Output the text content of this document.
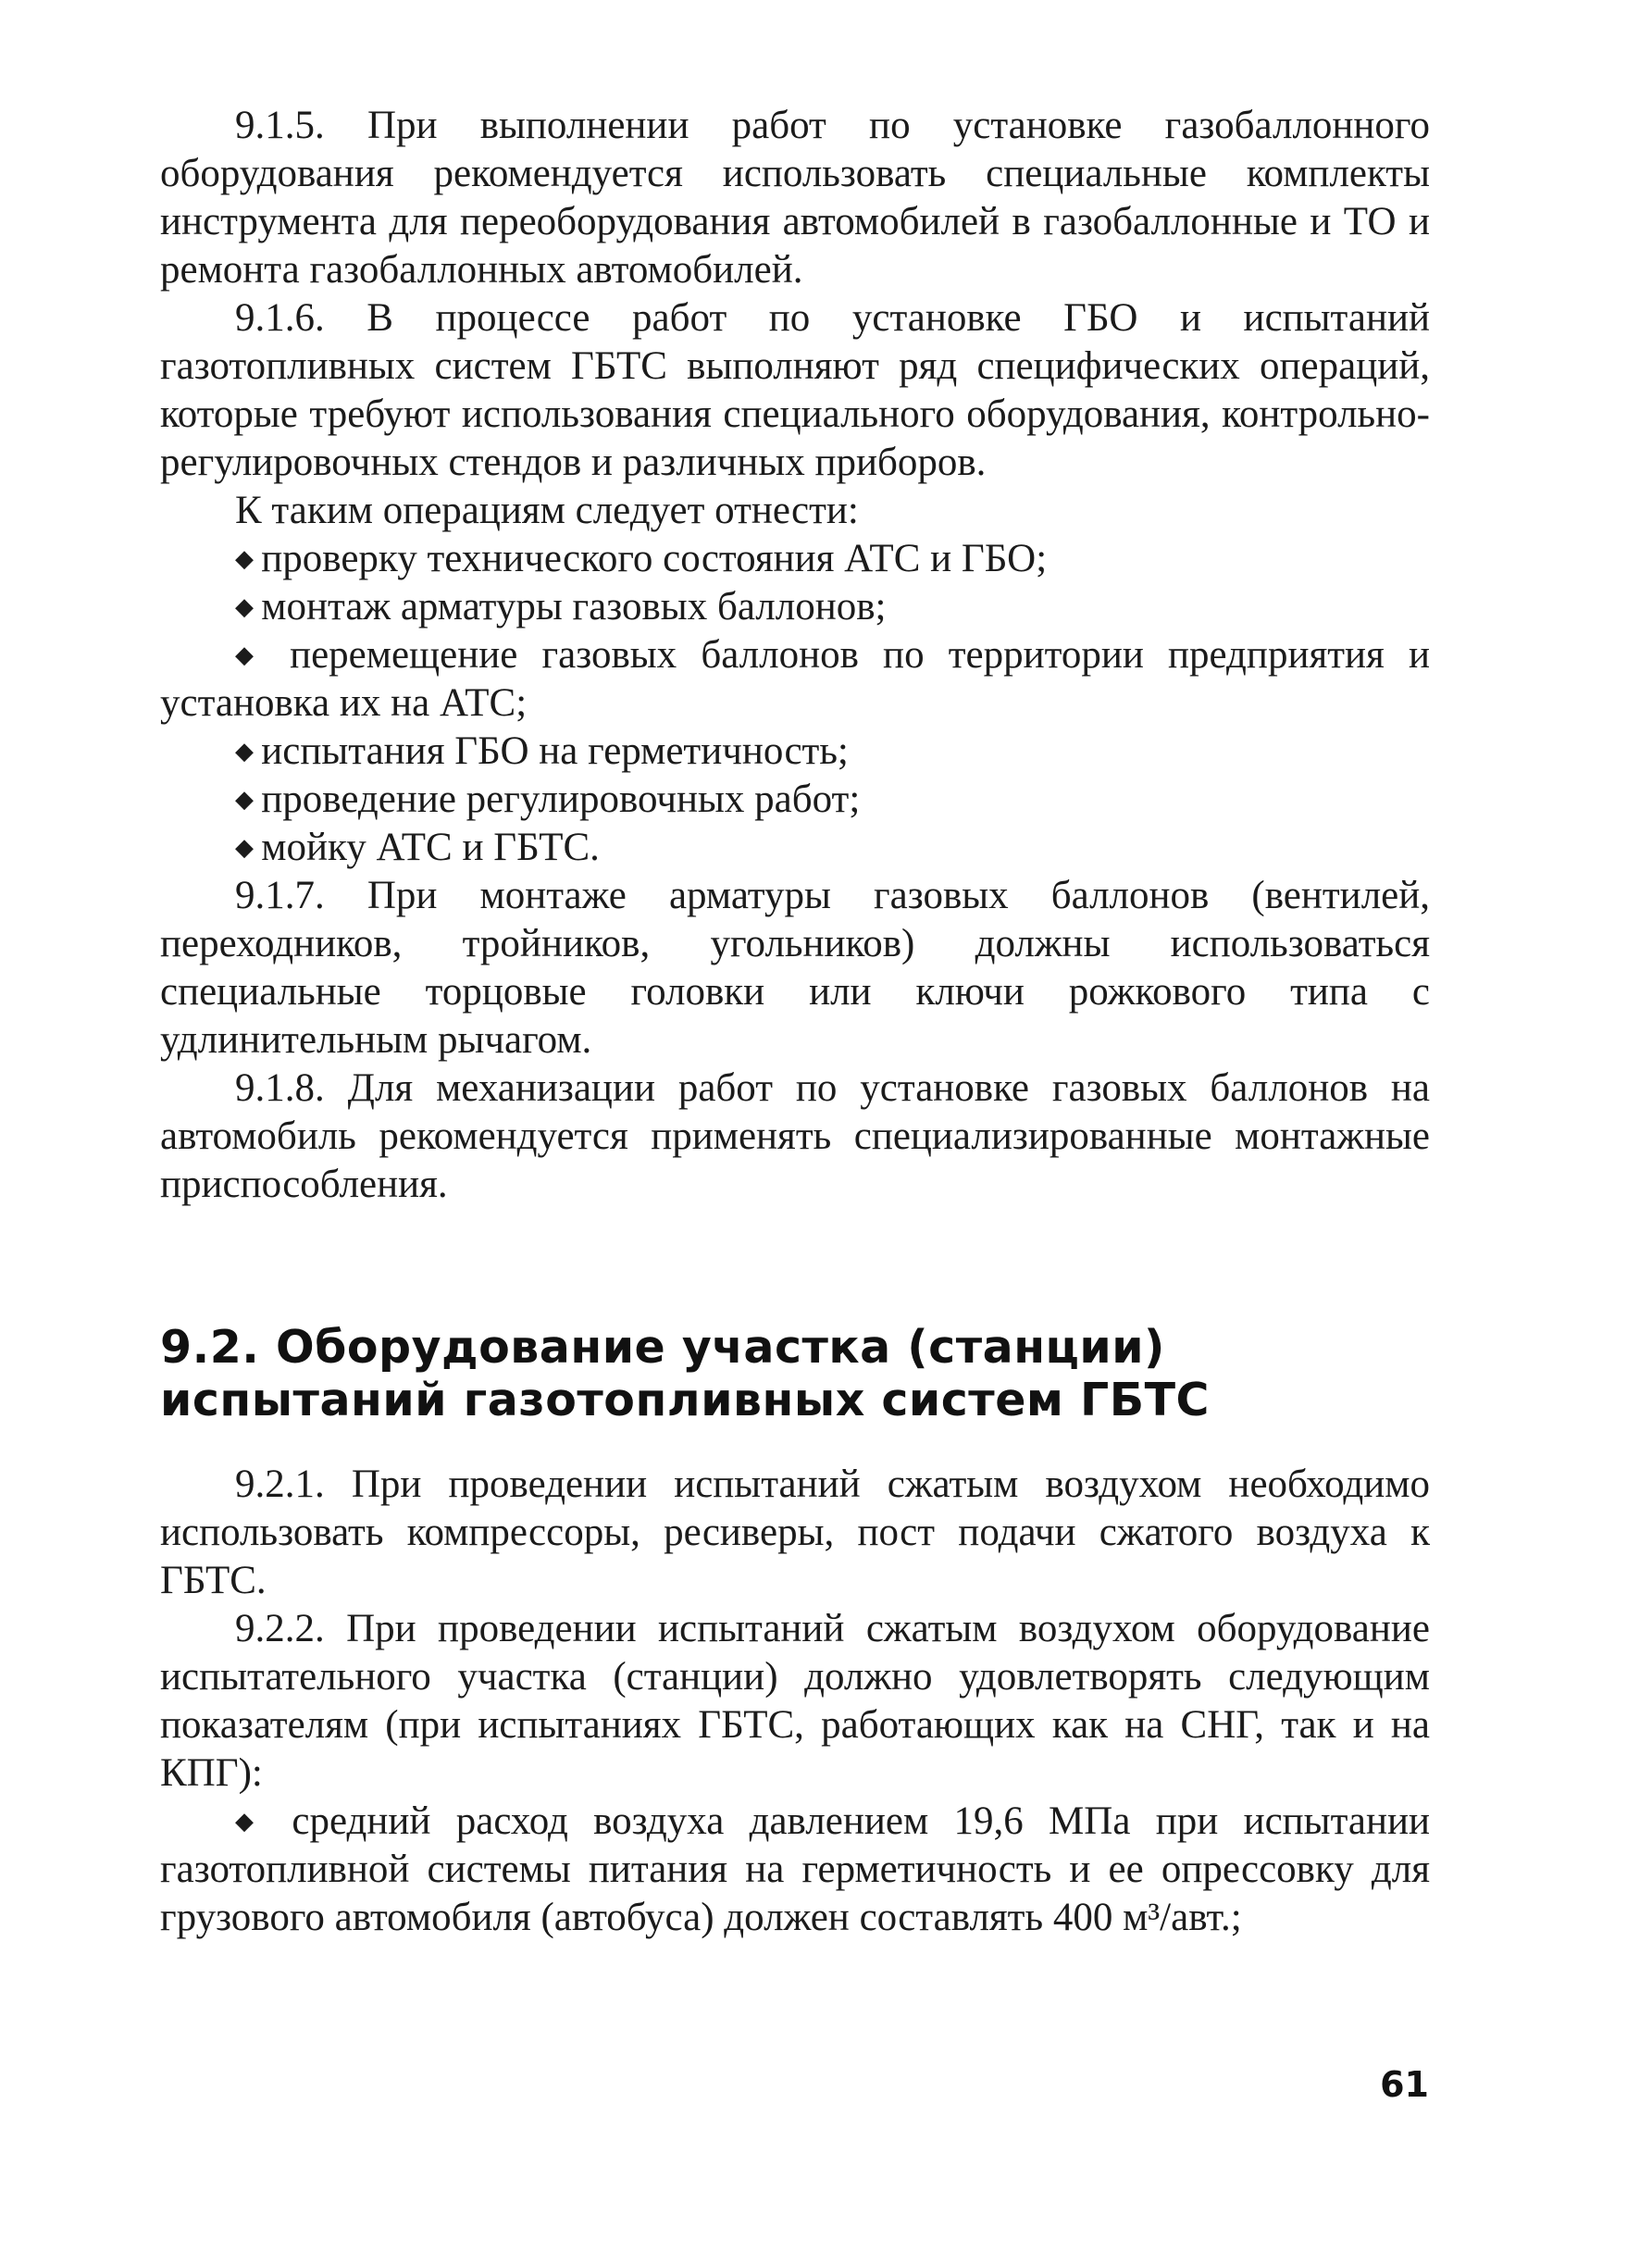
9.1.5. При выполнении работ по установке газобаллонного оборудования рекомендуется использовать специальные комплекты инструмента для переоборудования автомобилей в газобаллонные и ТО и ремонта газобаллонных автомобилей.

9.1.6. В процессе работ по установке ГБО и испытаний газотопливных систем ГБТС выполняют ряд специфических операций, которые требуют использования специального оборудования, контрольно-регулировочных стендов и различных приборов.

К таким операциям следует отнести:

◆ проверку технического состояния АТС и ГБО;

◆ монтаж арматуры газовых баллонов;

◆ перемещение газовых баллонов по территории предприятия и установка их на АТС;

◆ испытания ГБО на герметичность;

◆ проведение регулировочных работ;

◆ мойку АТС и ГБТС.

9.1.7. При монтаже арматуры газовых баллонов (вентилей, переходников, тройников, угольников) должны использоваться специальные торцовые головки или ключи рожкового типа с удлинительным рычагом.

9.1.8. Для механизации работ по установке газовых баллонов на автомобиль рекомендуется применять специализированные монтажные приспособления.

9.2. Оборудование участка (станции)
испытаний газотопливных систем ГБТС

9.2.1. При проведении испытаний сжатым воздухом необходимо использовать компрессоры, ресиверы, пост подачи сжатого воздуха к ГБТС.

9.2.2. При проведении испытаний сжатым воздухом оборудование испытательного участка (станции) должно удовлетворять следующим показателям (при испытаниях ГБТС, работающих как на СНГ, так и на КПГ):

◆ средний расход воздуха давлением 19,6 МПа при испытании газотопливной системы питания на герметичность и ее опрессовку для грузового автомобиля (автобуса) должен составлять 400 м³/авт.;

61
